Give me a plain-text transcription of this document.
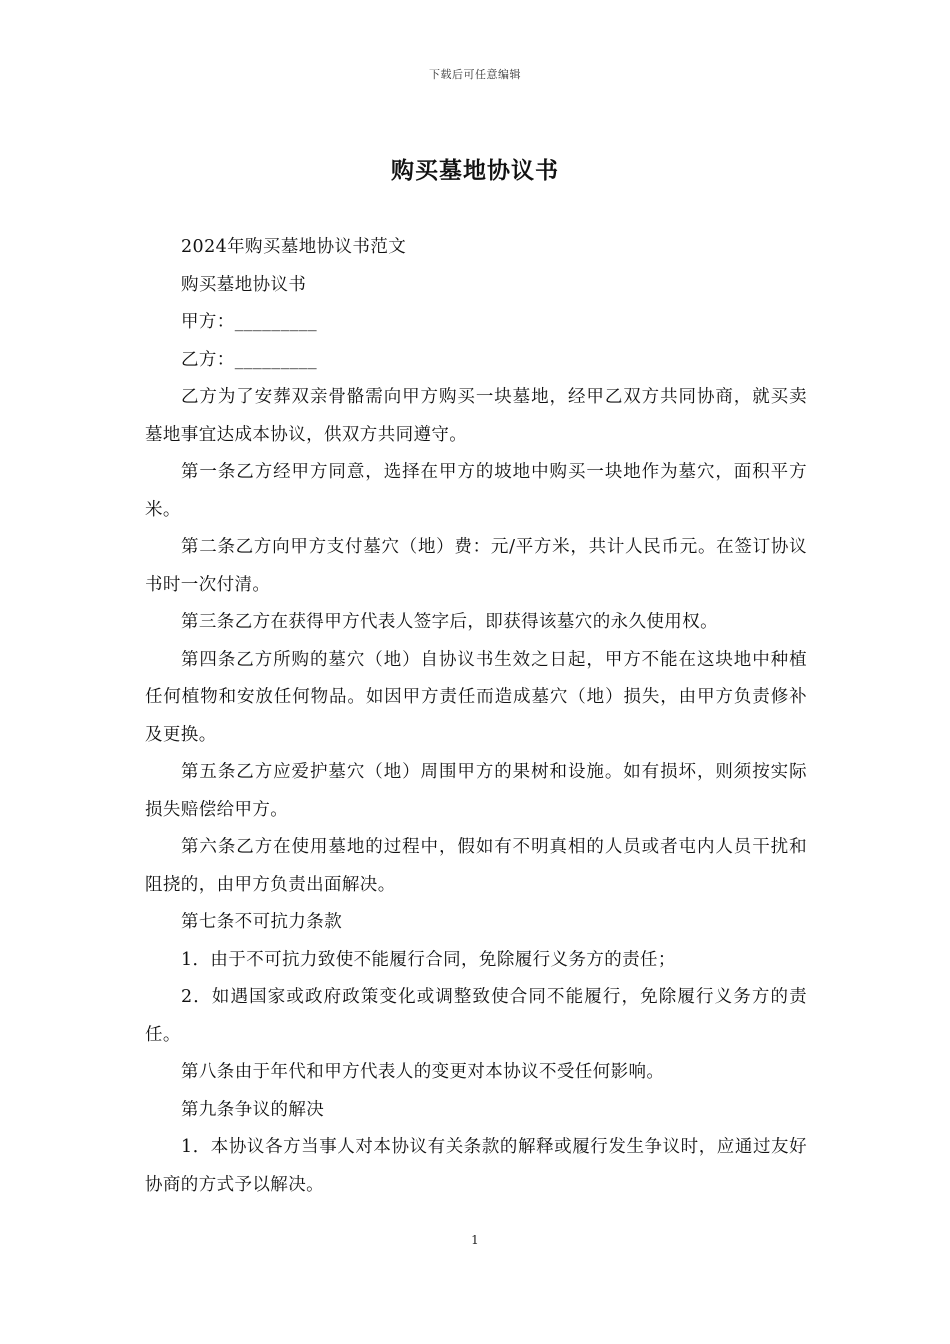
下载后可任意编辑
购买墓地协议书

2024年购买墓地协议书范文

购买墓地协议书

甲方：_________

乙方：_________

乙方为了安葬双亲骨骼需向甲方购买一块墓地，经甲乙双方共同协商，就买卖墓地事宜达成本协议，供双方共同遵守。

第一条乙方经甲方同意，选择在甲方的坡地中购买一块地作为墓穴，面积平方米。

第二条乙方向甲方支付墓穴（地）费：元/平方米，共计人民币元。在签订协议书时一次付清。

第三条乙方在获得甲方代表人签字后，即获得该墓穴的永久使用权。

第四条乙方所购的墓穴（地）自协议书生效之日起，甲方不能在这块地中种植任何植物和安放任何物品。如因甲方责任而造成墓穴（地）损失，由甲方负责修补及更换。

第五条乙方应爱护墓穴（地）周围甲方的果树和设施。如有损坏，则须按实际损失赔偿给甲方。

第六条乙方在使用墓地的过程中，假如有不明真相的人员或者屯内人员干扰和阻挠的，由甲方负责出面解决。

第七条不可抗力条款

1．由于不可抗力致使不能履行合同，免除履行义务方的责任；

2．如遇国家或政府政策变化或调整致使合同不能履行，免除履行义务方的责任。

第八条由于年代和甲方代表人的变更对本协议不受任何影响。

第九条争议的解决

1．本协议各方当事人对本协议有关条款的解释或履行发生争议时，应通过友好协商的方式予以解决。

1
